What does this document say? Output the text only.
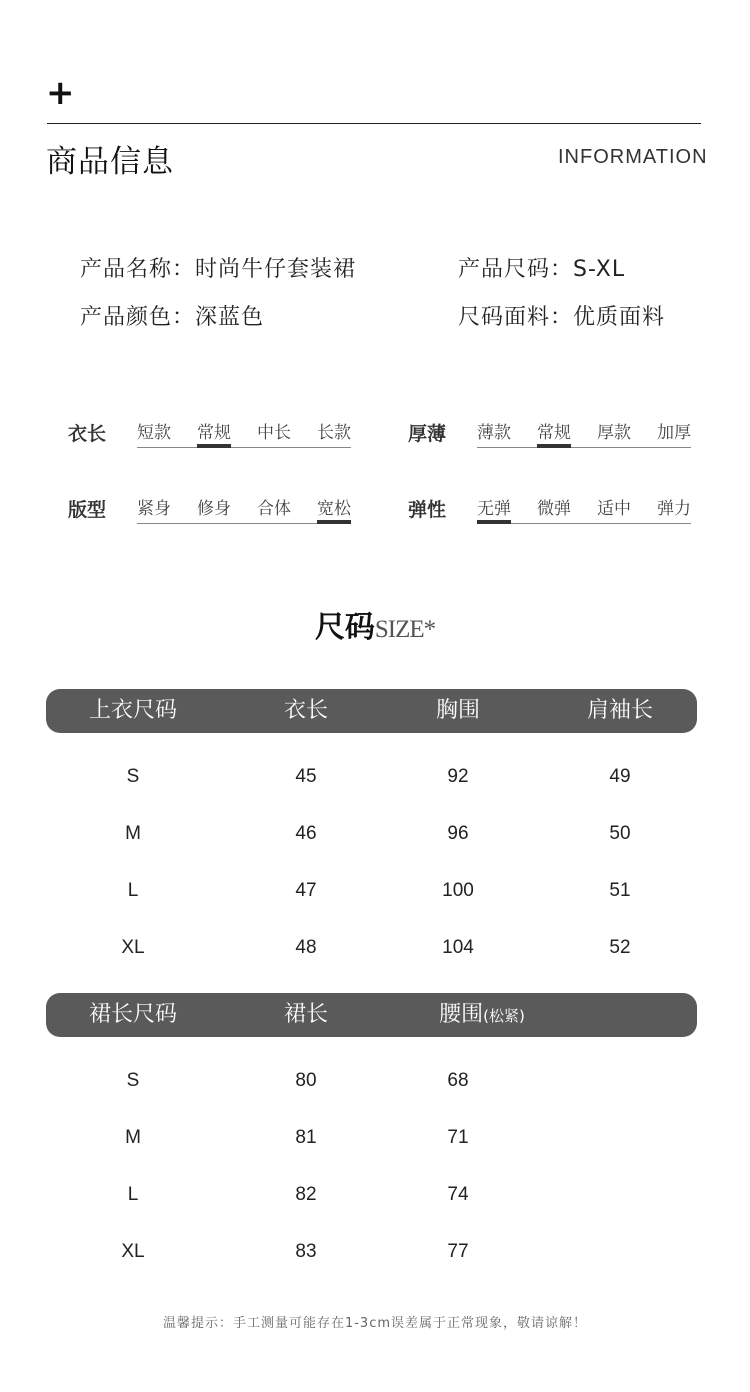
+
商品信息	INFORMATION
产品名称：时尚牛仔套装裙	产品尺码：S-XL
产品颜色：深蓝色	尺码面料：优质面料
衣长 短款 常规 中长 长款	厚薄 薄款 常规 厚款 加厚
版型 紧身 修身 合体 宽松	弹性 无弹 微弹 适中 弹力
尺码SIZE*
上衣尺码	衣长	胸围	肩袖长
S	45	92	49
M	46	96	50
L	47	100	51
XL	48	104	52
裙长尺码	裙长	腰围(松紧)
S	80	68
M	81	71
L	82	74
XL	83	77
温馨提示：手工测量可能存在1-3cm误差属于正常现象，敬请谅解！
